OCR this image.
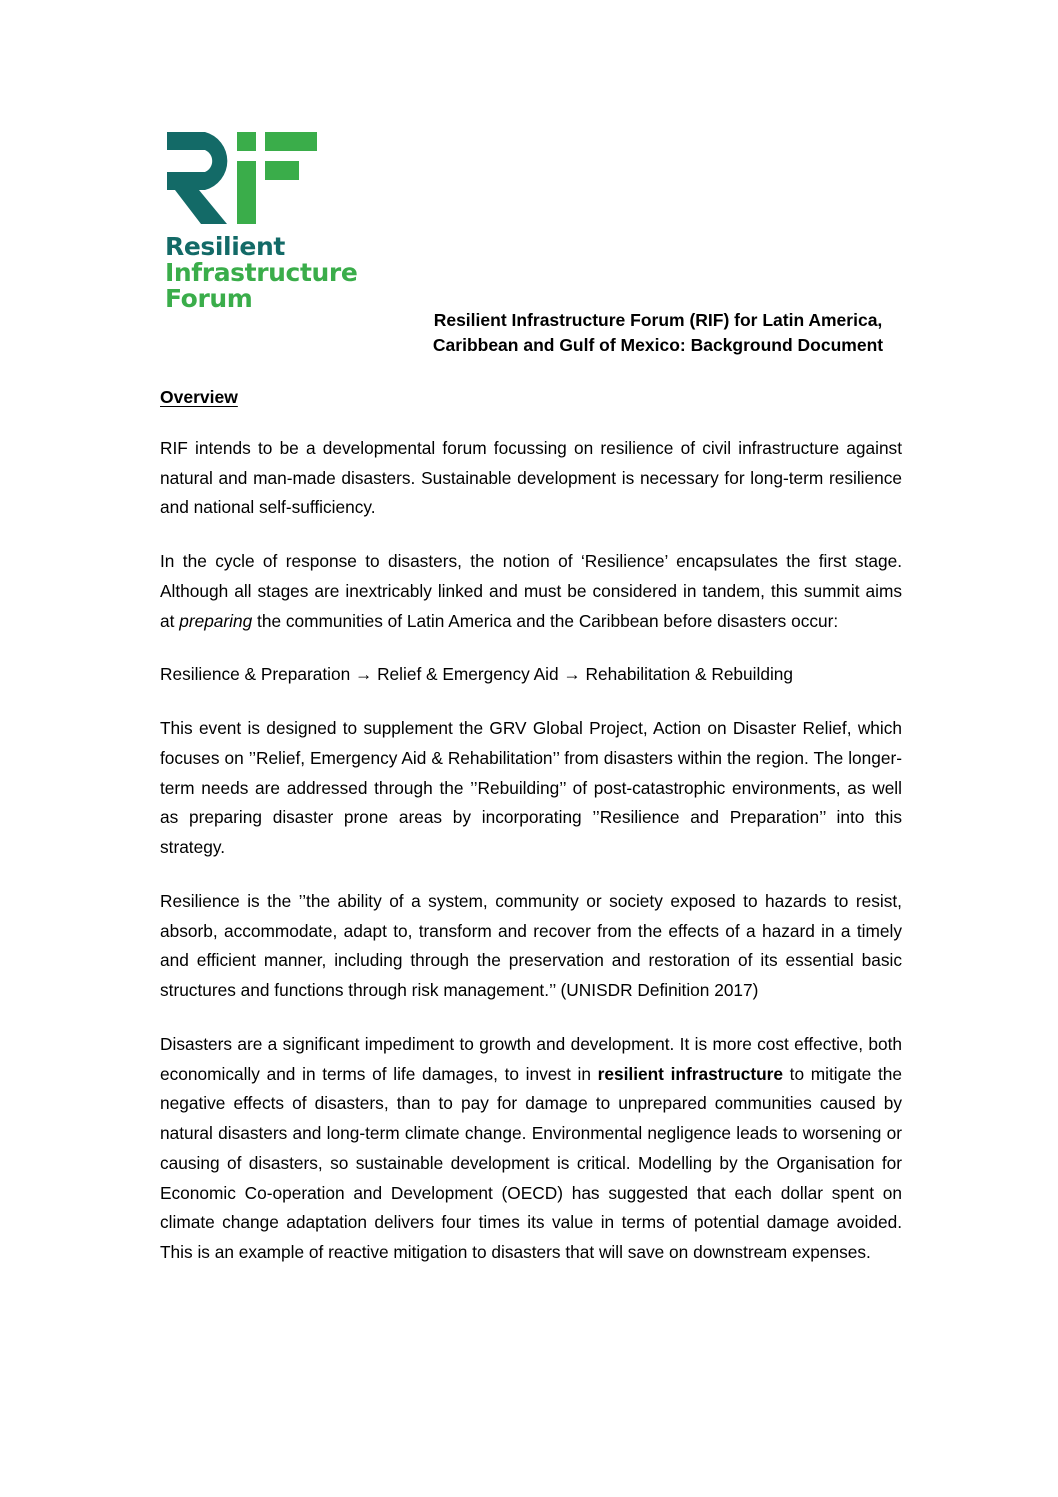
Resilient
Infrastructure
Forum
Resilient Infrastructure Forum (RIF) for Latin America,
Caribbean and Gulf of Mexico: Background Document
Overview

RIF intends to be a developmental forum focussing on resilience of civil infrastructure against natural and man-made disasters. Sustainable development is necessary for long-term resilience and national self-sufficiency.

In the cycle of response to disasters, the notion of ‘Resilience’ encapsulates the first stage. Although all stages are inextricably linked and must be considered in tandem, this summit aims at preparing the communities of Latin America and the Caribbean before disasters occur:

Resilience & Preparation → Relief & Emergency Aid → Rehabilitation & Rebuilding

This event is designed to supplement the GRV Global Project, Action on Disaster Relief, which focuses on ’’Relief, Emergency Aid & Rehabilitation’’ from disasters within the region. The longer-term needs are addressed through the ’’Rebuilding’’ of post-catastrophic environments, as well as preparing disaster prone areas by incorporating ’’Resilience and Preparation’’ into this strategy.

Resilience is the ’’the ability of a system, community or society exposed to hazards to resist, absorb, accommodate, adapt to, transform and recover from the effects of a hazard in a timely and efficient manner, including through the preservation and restoration of its essential basic structures and functions through risk management.’’ (UNISDR Definition 2017)

Disasters are a significant impediment to growth and development. It is more cost effective, both economically and in terms of life damages, to invest in resilient infrastructure to mitigate the negative effects of disasters, than to pay for damage to unprepared communities caused by natural disasters and long-term climate change. Environmental negligence leads to worsening or causing of disasters, so sustainable development is critical. Modelling by the Organisation for Economic Co-operation and Development (OECD) has suggested that each dollar spent on climate change adaptation delivers four times its value in terms of potential damage avoided. This is an example of reactive mitigation to disasters that will save on downstream expenses.
